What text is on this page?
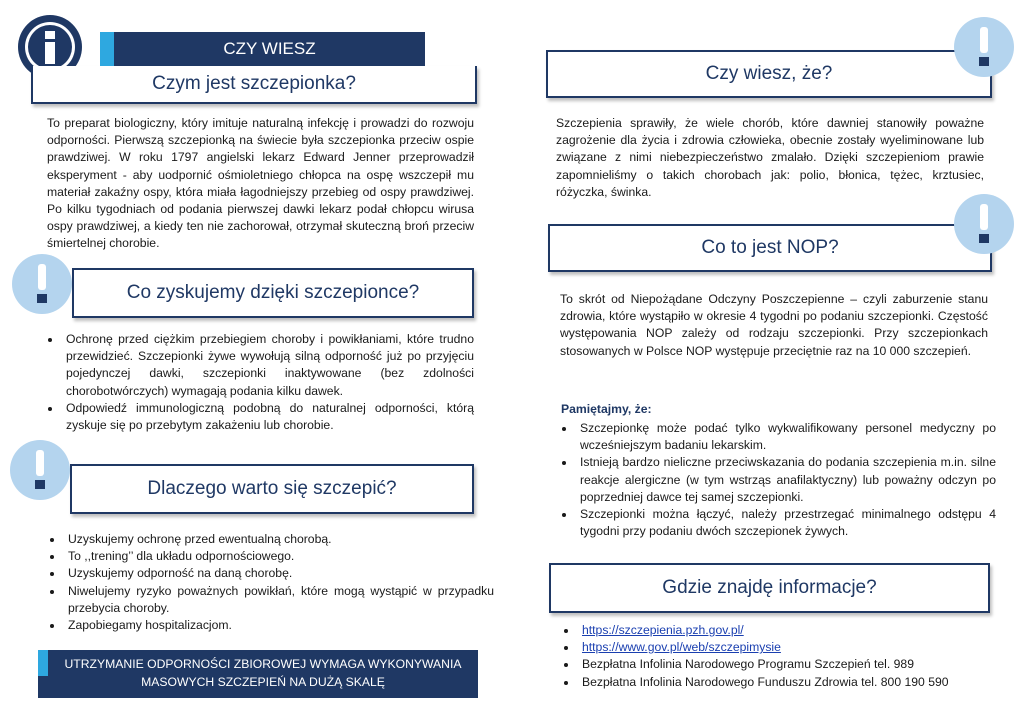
CZY WIESZ
Czym jest szczepionka?

To preparat biologiczny, który imituje naturalną infekcję i prowadzi do rozwoju odporności. Pierwszą szczepionką na świecie była szczepionka przeciw ospie prawdziwej. W roku 1797 angielski lekarz Edward Jenner przeprowadził eksperyment - aby uodpornić ośmioletniego chłopca na ospę wszczepił mu materiał zakaźny ospy, która miała łagodniejszy przebieg od ospy prawdziwej. Po kilku tygodniach od podania pierwszej dawki lekarz podał chłopcu wirusa ospy prawdziwej, a kiedy ten nie zachorował, otrzymał skuteczną broń przeciw śmiertelnej chorobie.

Co zyskujemy dzięki szczepionce?
• Ochronę przed ciężkim przebiegiem choroby i powikłaniami, które trudno przewidzieć. Szczepionki żywe wywołują silną odporność już po przyjęciu pojedynczej dawki, szczepionki inaktywowane (bez zdolności chorobotwórczych) wymagają podania kilku dawek.
• Odpowiedź immunologiczną podobną do naturalnej odporności, którą zyskuje się po przebytym zakażeniu lub chorobie.
Dlaczego warto się szczepić?
• Uzyskujemy ochronę przed ewentualną chorobą.
• To ,,trening’’ dla układu odpornościowego.
• Uzyskujemy odporność na daną chorobę.
• Niwelujemy ryzyko poważnych powikłań, które mogą wystąpić w przypadku przebycia choroby.
• Zapobiegamy hospitalizacjom.
UTRZYMANIE ODPORNOŚCI ZBIOROWEJ WYMAGA WYKONYWANIA
MASOWYCH SZCZEPIEŃ NA DUŻĄ SKALĘ
Czy wiesz, że?

Szczepienia sprawiły, że wiele chorób, które dawniej stanowiły poważne zagrożenie dla życia i zdrowia człowieka, obecnie zostały wyeliminowane lub związane z nimi niebezpieczeństwo zmalało. Dzięki szczepieniom prawie zapomnieliśmy o takich chorobach jak: polio, błonica, tężec, krztusiec, różyczka, świnka.

Co to jest NOP?

To skrót od Niepożądane Odczyny Poszczepienne – czyli zaburzenie stanu zdrowia, które wystąpiło w okresie 4 tygodni po podaniu szczepionki. Częstość występowania NOP zależy od rodzaju szczepionki. Przy szczepionkach stosowanych w Polsce NOP występuje przeciętnie raz na 10 000 szczepień.

Pamiętajmy, że:
• Szczepionkę może podać tylko wykwalifikowany personel medyczny po wcześniejszym badaniu lekarskim.
• Istnieją bardzo nieliczne przeciwskazania do podania szczepienia m.in. silne reakcje alergiczne (w tym wstrząs anafilaktyczny) lub poważny odczyn po poprzedniej dawce tej samej szczepionki.
• Szczepionki można łączyć, należy przestrzegać minimalnego odstępu 4 tygodni przy podaniu dwóch szczepionek żywych.
Gdzie znajdę informacje?
• https://szczepienia.pzh.gov.pl/
• https://www.gov.pl/web/szczepimysie
• Bezpłatna Infolinia Narodowego Programu Szczepień tel. 989
• Bezpłatna Infolinia Narodowego Funduszu Zdrowia tel. 800 190 590
